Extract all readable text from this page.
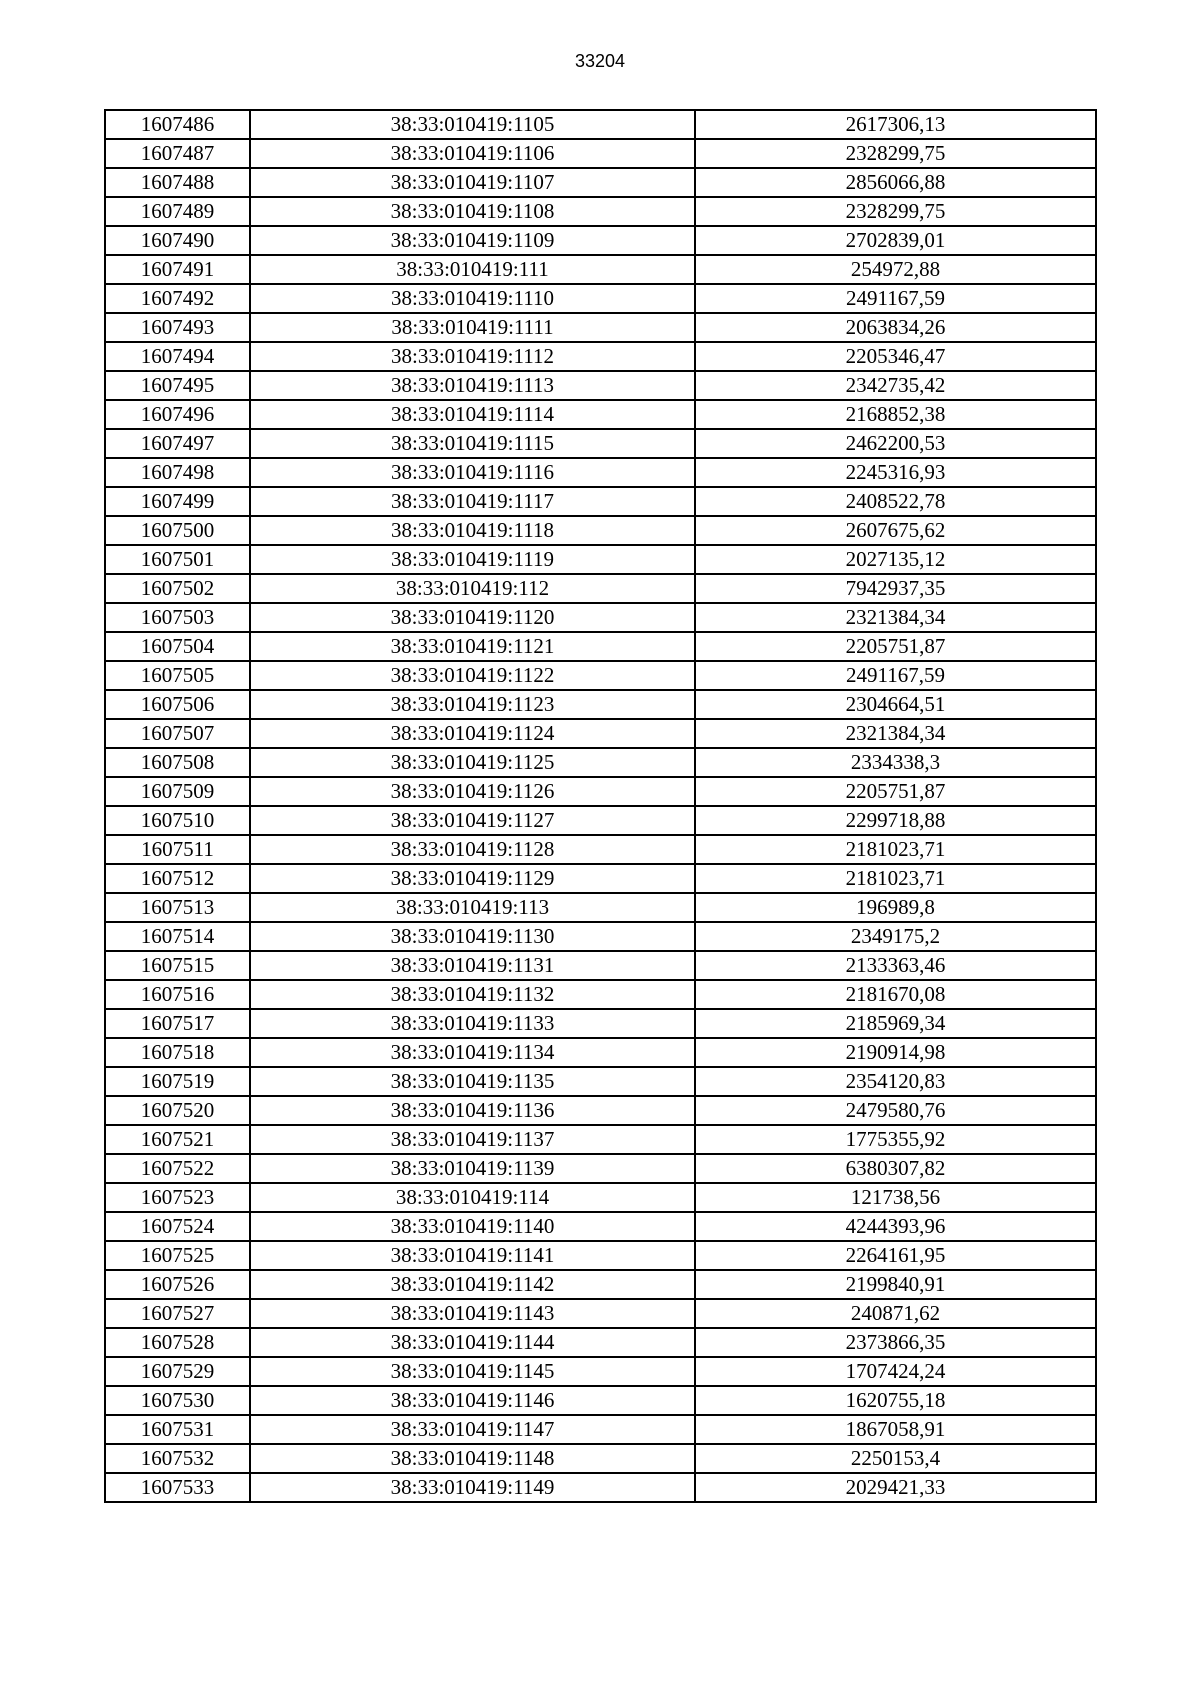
33204
1607486	38:33:010419:1105	2617306,13
1607487	38:33:010419:1106	2328299,75
1607488	38:33:010419:1107	2856066,88
1607489	38:33:010419:1108	2328299,75
1607490	38:33:010419:1109	2702839,01
1607491	38:33:010419:111	254972,88
1607492	38:33:010419:1110	2491167,59
1607493	38:33:010419:1111	2063834,26
1607494	38:33:010419:1112	2205346,47
1607495	38:33:010419:1113	2342735,42
1607496	38:33:010419:1114	2168852,38
1607497	38:33:010419:1115	2462200,53
1607498	38:33:010419:1116	2245316,93
1607499	38:33:010419:1117	2408522,78
1607500	38:33:010419:1118	2607675,62
1607501	38:33:010419:1119	2027135,12
1607502	38:33:010419:112	7942937,35
1607503	38:33:010419:1120	2321384,34
1607504	38:33:010419:1121	2205751,87
1607505	38:33:010419:1122	2491167,59
1607506	38:33:010419:1123	2304664,51
1607507	38:33:010419:1124	2321384,34
1607508	38:33:010419:1125	2334338,3
1607509	38:33:010419:1126	2205751,87
1607510	38:33:010419:1127	2299718,88
1607511	38:33:010419:1128	2181023,71
1607512	38:33:010419:1129	2181023,71
1607513	38:33:010419:113	196989,8
1607514	38:33:010419:1130	2349175,2
1607515	38:33:010419:1131	2133363,46
1607516	38:33:010419:1132	2181670,08
1607517	38:33:010419:1133	2185969,34
1607518	38:33:010419:1134	2190914,98
1607519	38:33:010419:1135	2354120,83
1607520	38:33:010419:1136	2479580,76
1607521	38:33:010419:1137	1775355,92
1607522	38:33:010419:1139	6380307,82
1607523	38:33:010419:114	121738,56
1607524	38:33:010419:1140	4244393,96
1607525	38:33:010419:1141	2264161,95
1607526	38:33:010419:1142	2199840,91
1607527	38:33:010419:1143	240871,62
1607528	38:33:010419:1144	2373866,35
1607529	38:33:010419:1145	1707424,24
1607530	38:33:010419:1146	1620755,18
1607531	38:33:010419:1147	1867058,91
1607532	38:33:010419:1148	2250153,4
1607533	38:33:010419:1149	2029421,33
